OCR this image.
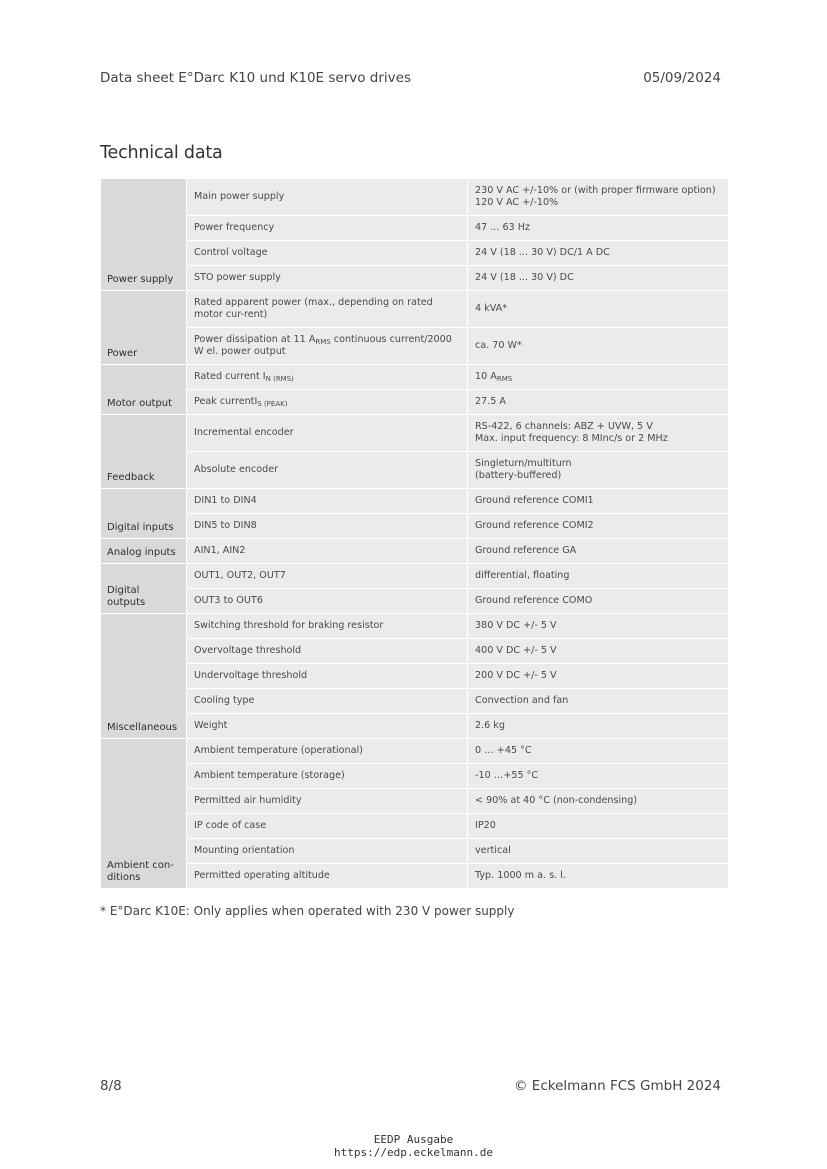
Data sheet E°Darc K10 und K10E servo drives	05/09/2024
Technical data
Power supply	Main power supply	230 V AC +/-10% or (with proper firmware option) 120 V AC +/-10%
	Power frequency	47 ... 63 Hz
	Control voltage	24 V (18 ... 30 V) DC/1 A DC
	STO power supply	24 V (18 ... 30 V) DC
Power	Rated apparent power (max., depending on rated motor cur-rent)	4 kVA*
	Power dissipation at 11 $A_{RMS}$ continuous current/2000 W el. power output	ca. 70 W*
Motor output	Rated current $I_{N (RMS)}$	10 $A_{RMS}$
	Peak currentI$_{S (PEAK)}$	27.5 A
Feedback	Incremental encoder	RS-422, 6 channels: ABZ + UVW, 5 V
Max. input frequency: 8 MInc/s or 2 MHz

	Absolute encoder	Singleturn/multiturn
(battery-buffered)

Digital inputs	DIN1 to DIN4	Ground reference COMI1
	DIN5 to DIN8	Ground reference COMI2
Analog inputs	AIN1, AIN2	Ground reference GA
Digital outputs	OUT1, OUT2, OUT7	differential, floating
	OUT3 to OUT6	Ground reference COMO
Miscellaneous	Switching threshold for braking resistor	380 V DC +/- 5 V
	Overvoltage threshold	400 V DC +/- 5 V
	Undervoltage threshold	200 V DC +/- 5 V
	Cooling type	Convection and fan
	Weight	2.6 kg

Ambient con-
ditions	Ambient temperature (operational)	0 … +45 °C
	Ambient temperature (storage)	-10 …+55 °C
	Permitted air humidity	< 90% at 40 °C (non-condensing)
	IP code of case	IP20
	Mounting orientation	vertical
	Permitted operating altitude	Typ. 1000 m a. s. l.
* E°Darc K10E: Only applies when operated with 230 V power supply
8/8	© Eckelmann FCS GmbH 2024
EEDP Ausgabe
https://edp.eckelmann.de
